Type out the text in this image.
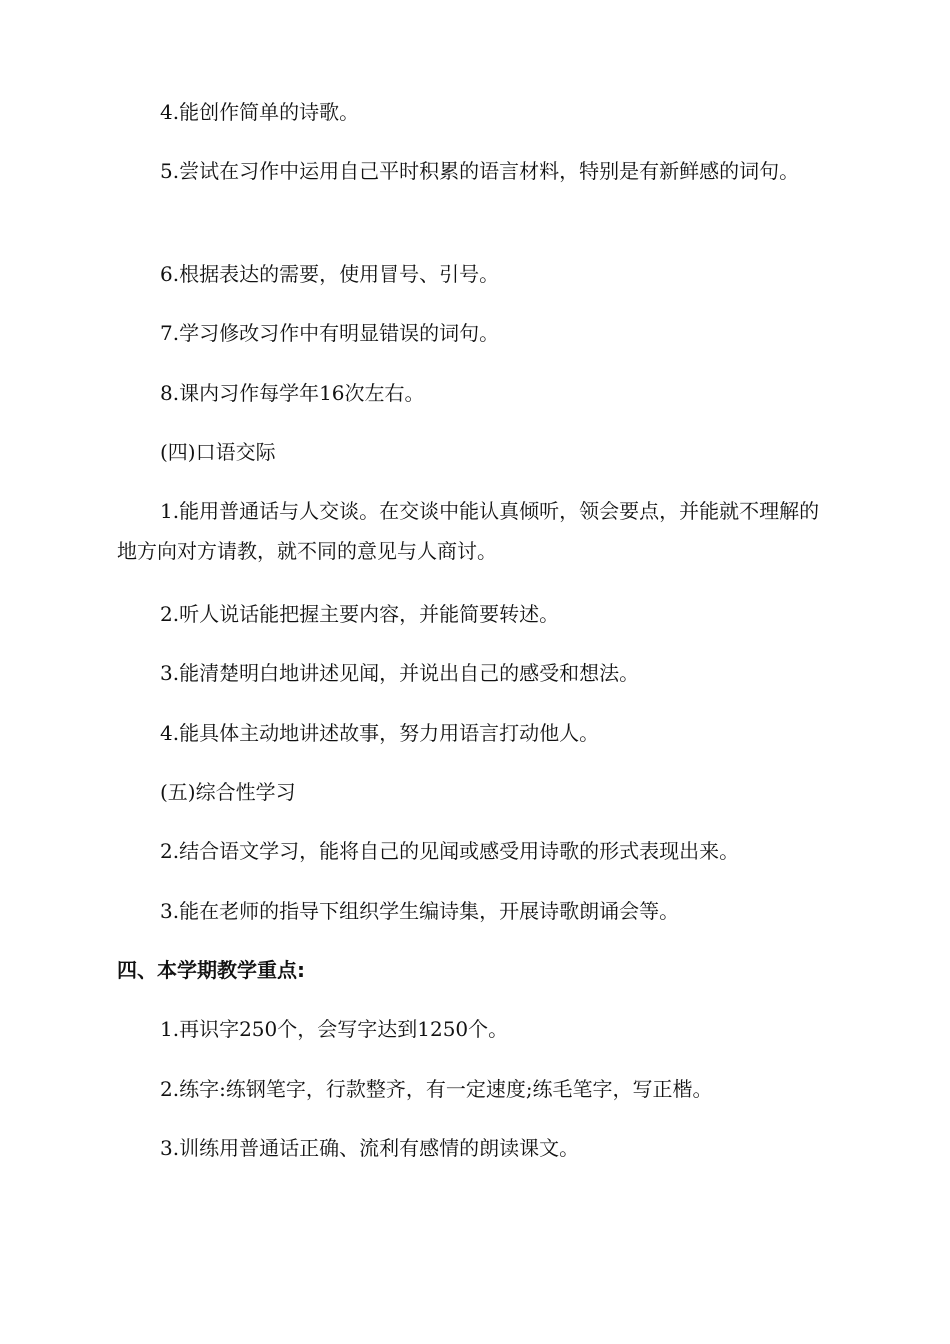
4.能创作简单的诗歌。
5.尝试在习作中运用自己平时积累的语言材料，特别是有新鲜感的词句。
6.根据表达的需要，使用冒号、引号。
7.学习修改习作中有明显错误的词句。
8.课内习作每学年16次左右。
(四)口语交际
1.能用普通话与人交谈。在交谈中能认真倾听，领会要点，并能就不理解的地方向对方请教，就不同的意见与人商讨。
2.听人说话能把握主要内容，并能简要转述。
3.能清楚明白地讲述见闻，并说出自己的感受和想法。
4.能具体主动地讲述故事，努力用语言打动他人。
(五)综合性学习
2.结合语文学习，能将自己的见闻或感受用诗歌的形式表现出来。
3.能在老师的指导下组织学生编诗集，开展诗歌朗诵会等。
四、本学期教学重点:
1.再识字250个，会写字达到1250个。
2.练字:练钢笔字，行款整齐，有一定速度;练毛笔字，写正楷。
3.训练用普通话正确、流利有感情的朗读课文。
